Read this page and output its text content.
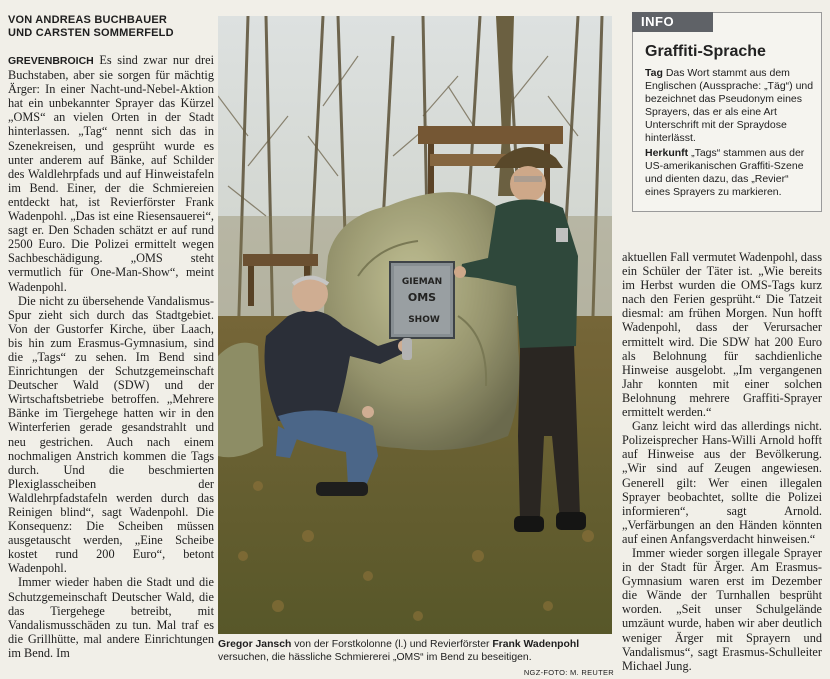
VON ANDREAS BUCHBAUER
UND CARSTEN SOMMERFELD

GREVENBROICH Es sind zwar nur drei Buchstaben, aber sie sorgen für mächtig Ärger: In einer Nacht-und-Nebel-Aktion hat ein unbekannter Sprayer das Kürzel „OMS“ an vielen Orten in der Stadt hinterlassen. „Tag“ nennt sich das in Szenekreisen, und gesprüht wurde es unter anderem auf Bänke, auf Schilder des Waldlehrpfads und auf Hinweistafeln im Bend. Einer, der die Schmiereien entdeckt hat, ist Revierförster Frank Wadenpohl. „Das ist eine Riesensauerei“, sagt er. Den Schaden schätzt er auf rund 2500 Euro. Die Polizei ermittelt wegen Sachbeschädigung. „OMS steht vermutlich für One-Man-Show“, meint Wadenpohl.

Die nicht zu übersehende Vandalismus-Spur zieht sich durch das Stadtgebiet. Von der Gustorfer Kirche, über Laach, bis hin zum Erasmus-Gymnasium, sind die „Tags“ zu sehen. Im Bend sind Einrichtungen der Schutzgemeinschaft Deutscher Wald (SDW) und der Wirtschaftsbetriebe betroffen. „Mehrere Bänke im Tiergehege hatten wir in den Winterferien gerade gesandstrahlt und neu gestrichen. Auch nach einem nochmaligen Anstrich kommen die Tags durch. Und die beschmierten Plexiglasscheiben der Waldlehrpfadstafeln werden durch das Reinigen blind“, sagt Wadenpohl. Die Konsequenz: Die Scheiben müssen ausgetauscht werden, „Eine Scheibe kostet rund 200 Euro“, betont Wadenpohl.

Immer wieder haben die Stadt und die Schutzgemeinschaft Deutscher Wald, die das Tiergehege betreibt, mit Vandalismusschäden zu tun. Mal traf es die Grillhütte, mal andere Einrichtungen im Bend. Im

GIEMAN
OMS
SHOW
Gregor Jansch von der Forstkolonne (l.) und Revierförster Frank Wadenpohl versuchen, die hässliche Schmiererei „OMS“ im Bend zu beseitigen.
NGZ-FOTO: M. REUTER
INFO
Graffiti-Sprache

Tag Das Wort stammt aus dem Englischen (Aussprache: „Täg“) und bezeichnet das Pseudonym eines Sprayers, das er als eine Art Unterschrift mit der Spraydose hinterlässt.

Herkunft „Tags“ stammen aus der US-amerikanischen Graffiti-Szene und dienten dazu, das „Revier“ eines Sprayers zu markieren.

aktuellen Fall vermutet Wadenpohl, dass ein Schüler der Täter ist. „Wie bereits im Herbst wurden die OMS-Tags kurz nach den Ferien gesprüht.“ Die Tatzeit diesmal: am frühen Morgen. Nun hofft Wadenpohl, dass der Verursacher ermittelt wird. Die SDW hat 200 Euro als Belohnung für sachdienliche Hinweise ausgelobt. „Im vergangenen Jahr konnten mit einer solchen Belohnung mehrere Graffiti-Sprayer ermittelt werden.“

Ganz leicht wird das allerdings nicht. Polizeisprecher Hans-Willi Arnold hofft auf Hinweise aus der Bevölkerung. „Wir sind auf Zeugen angewiesen. Generell gilt: Wer einen illegalen Sprayer beobachtet, sollte die Polizei informieren“, sagt Arnold. „Verfärbungen an den Händen könnten auf einen Anfangsverdacht hinweisen.“

Immer wieder sorgen illegale Sprayer in der Stadt für Ärger. Am Erasmus-Gymnasium waren erst im Dezember die Wände der Turnhallen besprüht worden. „Seit unser Schulgelände umzäunt wurde, haben wir aber deutlich weniger Ärger mit Sprayern und Vandalismus“, sagt Erasmus-Schulleiter Michael Jung.
